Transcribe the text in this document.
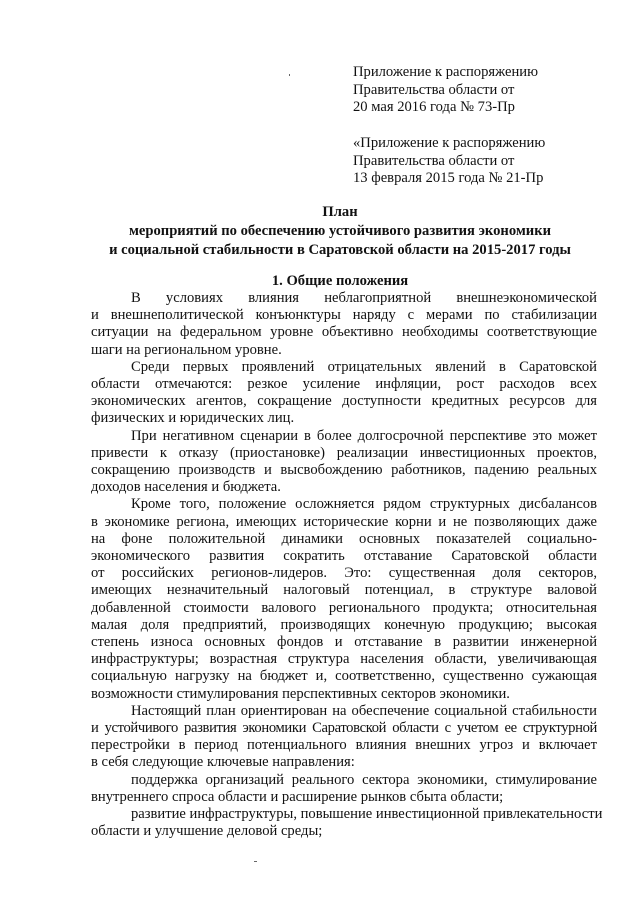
Приложение к распоряжению
Правительства области от
20 мая 2016 года № 73-Пр
«Приложение к распоряжению
Правительства области от
13 февраля 2015 года № 21-Пр
План
мероприятий по обеспечению устойчивого развития экономики
и социальной стабильности в Саратовской области на 2015-2017 годы
1. Общие положения

В условиях влияния неблагоприятной внешнеэкономической
и внешнеполитической конъюнктуры наряду с мерами по стабилизации
ситуации на федеральном уровне объективно необходимы соответствующие
шаги на региональном уровне.

Среди первых проявлений отрицательных явлений в Саратовской
области отмечаются: резкое усиление инфляции, рост расходов всех
экономических агентов, сокращение доступности кредитных ресурсов для
физических и юридических лиц.

При негативном сценарии в более долгосрочной перспективе это может
привести к отказу (приостановке) реализации инвестиционных проектов,
сокращению производств и высвобождению работников, падению реальных
доходов населения и бюджета.

Кроме того, положение осложняется рядом структурных дисбалансов
в экономике региона, имеющих исторические корни и не позволяющих даже
на фоне положительной динамики основных показателей социально-
экономического развития сократить отставание Саратовской области
от российских регионов-лидеров. Это: существенная доля секторов,
имеющих незначительный налоговый потенциал, в структуре валовой
добавленной стоимости валового регионального продукта; относительная
малая доля предприятий, производящих конечную продукцию; высокая
степень износа основных фондов и отставание в развитии инженерной
инфраструктуры; возрастная структура населения области, увеличивающая
социальную нагрузку на бюджет и, соответственно, существенно сужающая
возможности стимулирования перспективных секторов экономики.

Настоящий план ориентирован на обеспечение социальной стабильности
и устойчивого развития экономики Саратовской области с учетом ее структурной
перестройки в период потенциального влияния внешних угроз и включает
в себя следующие ключевые направления:

поддержка организаций реального сектора экономики, стимулирование
внутреннего спроса области и расширение рынков сбыта области;

развитие инфраструктуры, повышение инвестиционной привлекательности
области и улучшение деловой среды;
